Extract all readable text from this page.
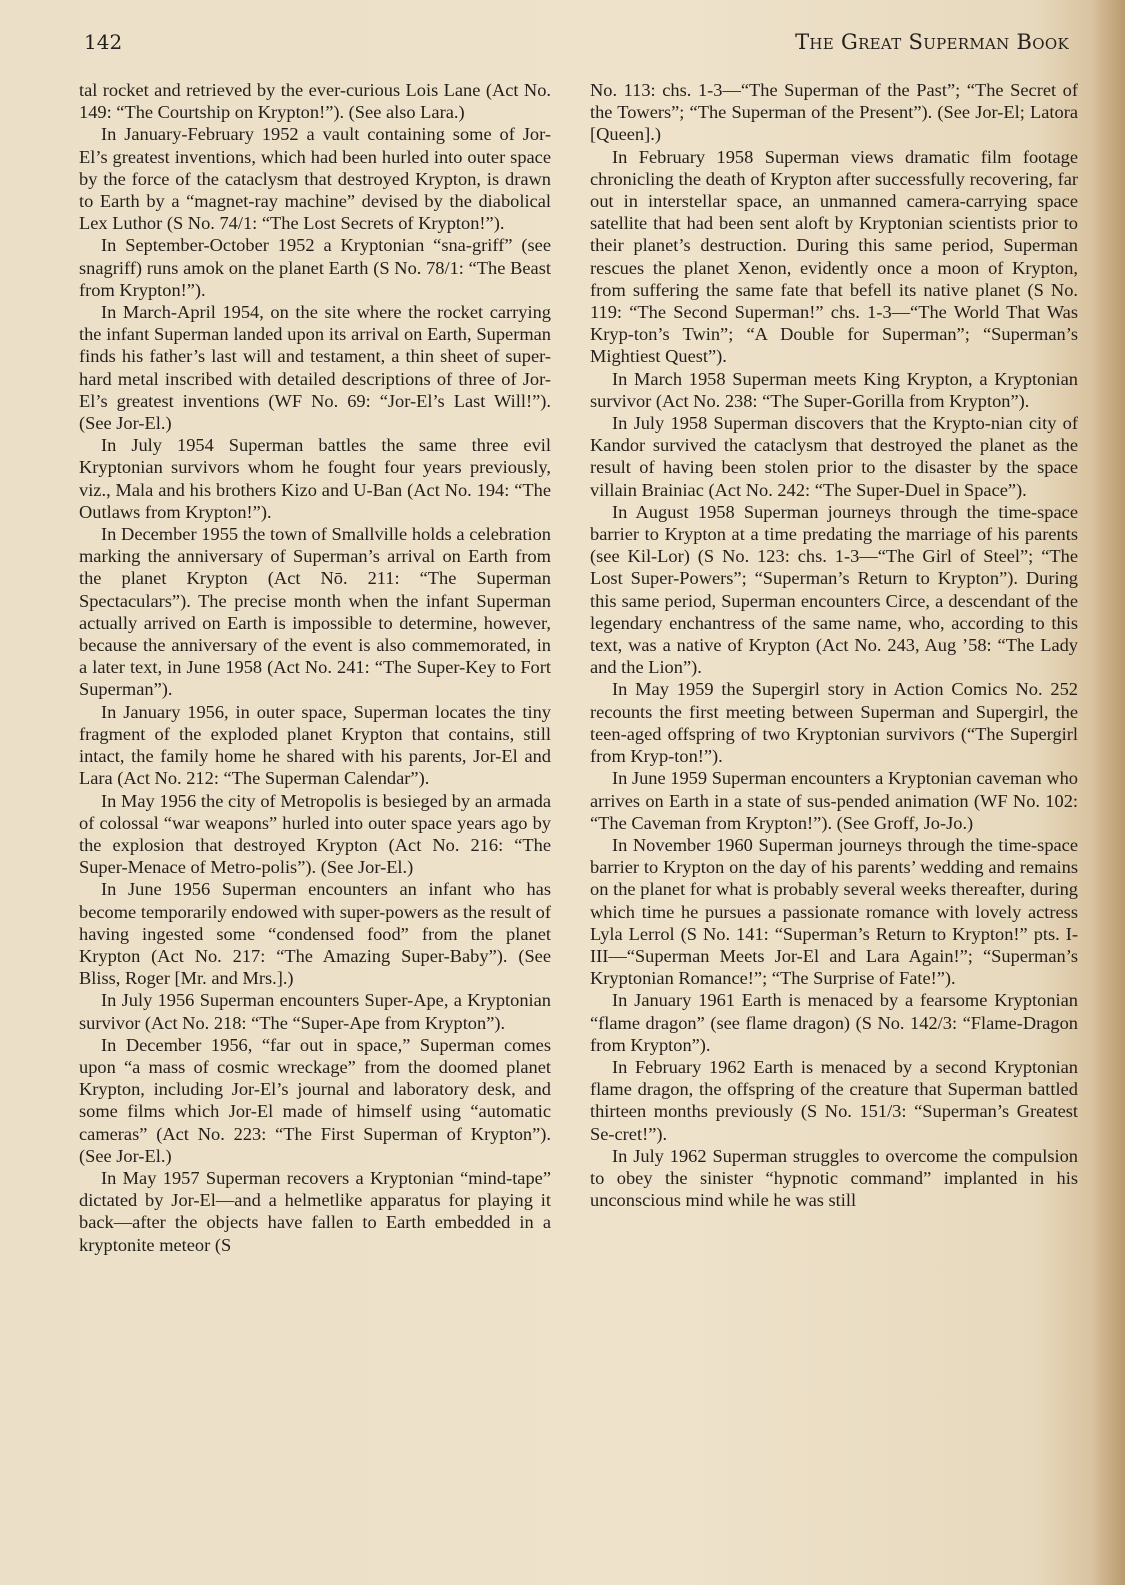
142	The Great Superman Book

tal rocket and retrieved by the ever-curious Lois Lane (Act No. 149: “The Courtship on Krypton!”). (See also Lara.)

In January-February 1952 a vault containing some of Jor-El’s greatest inventions, which had been hurled into outer space by the force of the cataclysm that destroyed Krypton, is drawn to Earth by a “magnet-ray machine” devised by the diabolical Lex Luthor (S No. 74/1: “The Lost Secrets of Krypton!”).

In September-October 1952 a Kryptonian “sna-griff” (see snagriff) runs amok on the planet Earth (S No. 78/1: “The Beast from Krypton!”).

In March-April 1954, on the site where the rocket carrying the infant Superman landed upon its arrival on Earth, Superman finds his father’s last will and testament, a thin sheet of super-hard metal inscribed with detailed descriptions of three of Jor-El’s greatest inventions (WF No. 69: “Jor-El’s Last Will!”). (See Jor-El.)

In July 1954 Superman battles the same three evil Kryptonian survivors whom he fought four years previously, viz., Mala and his brothers Kizo and U-Ban (Act No. 194: “The Outlaws from Krypton!”).

In December 1955 the town of Smallville holds a celebration marking the anniversary of Superman’s arrival on Earth from the planet Krypton (Act Nō. 211: “The Superman Spectaculars”). The precise month when the infant Superman actually arrived on Earth is impossible to determine, however, because the anniversary of the event is also commemorated, in a later text, in June 1958 (Act No. 241: “The Super-Key to Fort Superman”).

In January 1956, in outer space, Superman locates the tiny fragment of the exploded planet Krypton that contains, still intact, the family home he shared with his parents, Jor-El and Lara (Act No. 212: “The Superman Calendar”).

In May 1956 the city of Metropolis is besieged by an armada of colossal “war weapons” hurled into outer space years ago by the explosion that destroyed Krypton (Act No. 216: “The Super-Menace of Metro-polis”). (See Jor-El.)

In June 1956 Superman encounters an infant who has become temporarily endowed with super-powers as the result of having ingested some “condensed food” from the planet Krypton (Act No. 217: “The Amazing Super-Baby”). (See Bliss, Roger [Mr. and Mrs.].)

In July 1956 Superman encounters Super-Ape, a Kryptonian survivor (Act No. 218: “The “Super-Ape from Krypton”).

In December 1956, “far out in space,” Superman comes upon “a mass of cosmic wreckage” from the doomed planet Krypton, including Jor-El’s journal and laboratory desk, and some films which Jor-El made of himself using “automatic cameras” (Act No. 223: “The First Superman of Krypton”). (See Jor-El.)

In May 1957 Superman recovers a Kryptonian “mind-tape” dictated by Jor-El—and a helmetlike apparatus for playing it back—after the objects have fallen to Earth embedded in a kryptonite meteor (S

No. 113: chs. 1-3—“The Superman of the Past”; “The Secret of the Towers”; “The Superman of the Present”). (See Jor-El; Latora [Queen].)

In February 1958 Superman views dramatic film footage chronicling the death of Krypton after successfully recovering, far out in interstellar space, an unmanned camera-carrying space satellite that had been sent aloft by Kryptonian scientists prior to their planet’s destruction. During this same period, Superman rescues the planet Xenon, evidently once a moon of Krypton, from suffering the same fate that befell its native planet (S No. 119: “The Second Superman!” chs. 1-3—“The World That Was Kryp-ton’s Twin”; “A Double for Superman”; “Superman’s Mightiest Quest”).

In March 1958 Superman meets King Krypton, a Kryptonian survivor (Act No. 238: “The Super-Gorilla from Krypton”).

In July 1958 Superman discovers that the Krypto-nian city of Kandor survived the cataclysm that destroyed the planet as the result of having been stolen prior to the disaster by the space villain Brainiac (Act No. 242: “The Super-Duel in Space”).

In August 1958 Superman journeys through the time-space barrier to Krypton at a time predating the marriage of his parents (see Kil-Lor) (S No. 123: chs. 1-3—“The Girl of Steel”; “The Lost Super-Powers”; “Superman’s Return to Krypton”). During this same period, Superman encounters Circe, a descendant of the legendary enchantress of the same name, who, according to this text, was a native of Krypton (Act No. 243, Aug ’58: “The Lady and the Lion”).

In May 1959 the Supergirl story in Action Comics No. 252 recounts the first meeting between Superman and Supergirl, the teen-aged offspring of two Kryptonian survivors (“The Supergirl from Kryp-ton!”).

In June 1959 Superman encounters a Kryptonian caveman who arrives on Earth in a state of sus-pended animation (WF No. 102: “The Caveman from Krypton!”). (See Groff, Jo-Jo.)

In November 1960 Superman journeys through the time-space barrier to Krypton on the day of his parents’ wedding and remains on the planet for what is probably several weeks thereafter, during which time he pursues a passionate romance with lovely actress Lyla Lerrol (S No. 141: “Superman’s Return to Krypton!” pts. I-III—“Superman Meets Jor-El and Lara Again!”; “Superman’s Kryptonian Romance!”; “The Surprise of Fate!”).

In January 1961 Earth is menaced by a fearsome Kryptonian “flame dragon” (see flame dragon) (S No. 142/3: “Flame-Dragon from Krypton”).

In February 1962 Earth is menaced by a second Kryptonian flame dragon, the offspring of the creature that Superman battled thirteen months previously (S No. 151/3: “Superman’s Greatest Se-cret!”).

In July 1962 Superman struggles to overcome the compulsion to obey the sinister “hypnotic command” implanted in his unconscious mind while he was still
